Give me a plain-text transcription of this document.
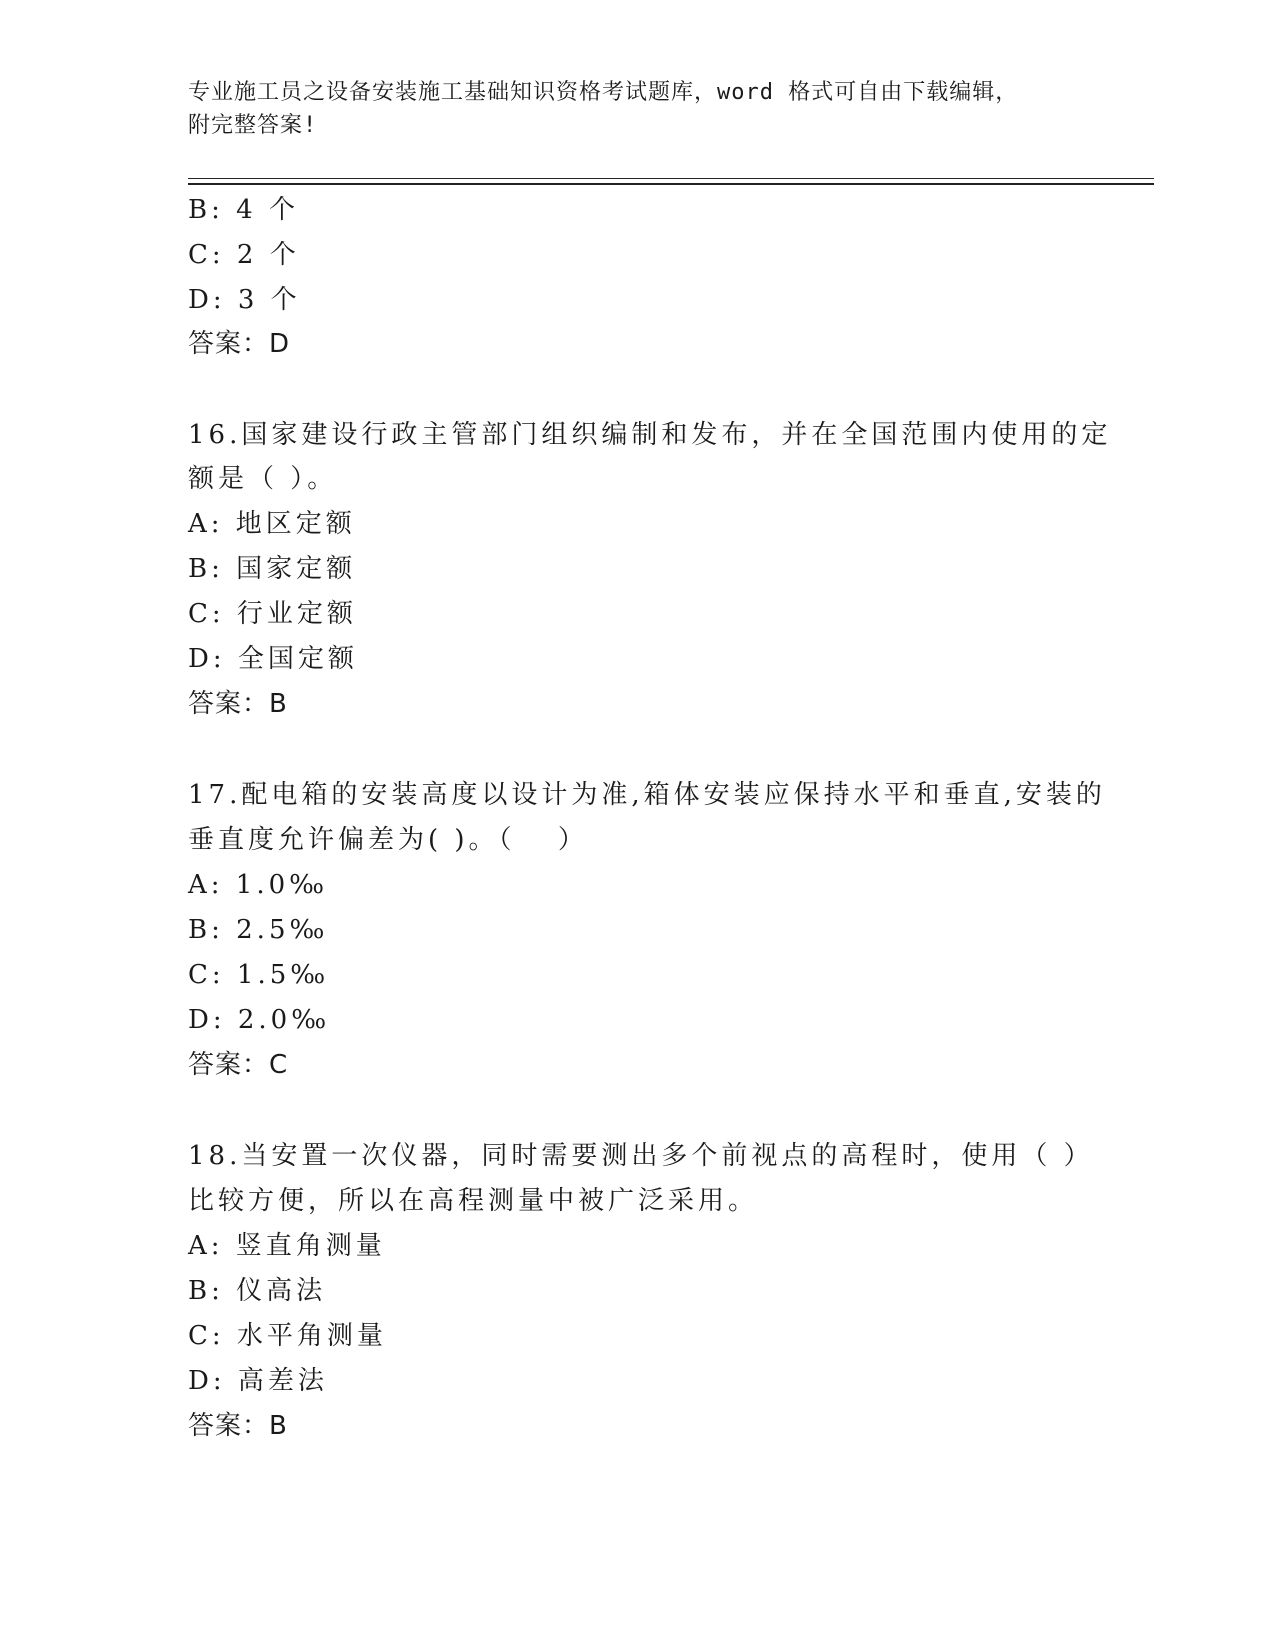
专业施工员之设备安装施工基础知识资格考试题库，word 格式可自由下载编辑，
附完整答案!
B: 4 个
C: 2 个
D: 3 个
答案：D
16.国家建设行政主管部门组织编制和发布，并在全国范围内使用的定
额是（ ）。
A: 地区定额
B: 国家定额
C: 行业定额
D: 全国定额
答案：B
17.配电箱的安装高度以设计为准,箱体安装应保持水平和垂直,安装的
垂直度允许偏差为( )。（　 ）
A: 1.0‰
B: 2.5‰
C: 1.5‰
D: 2.0‰
答案：C
18.当安置一次仪器，同时需要测出多个前视点的高程时，使用（ ）
比较方便，所以在高程测量中被广泛采用。
A: 竖直角测量
B: 仪高法
C: 水平角测量
D: 高差法
答案：B
